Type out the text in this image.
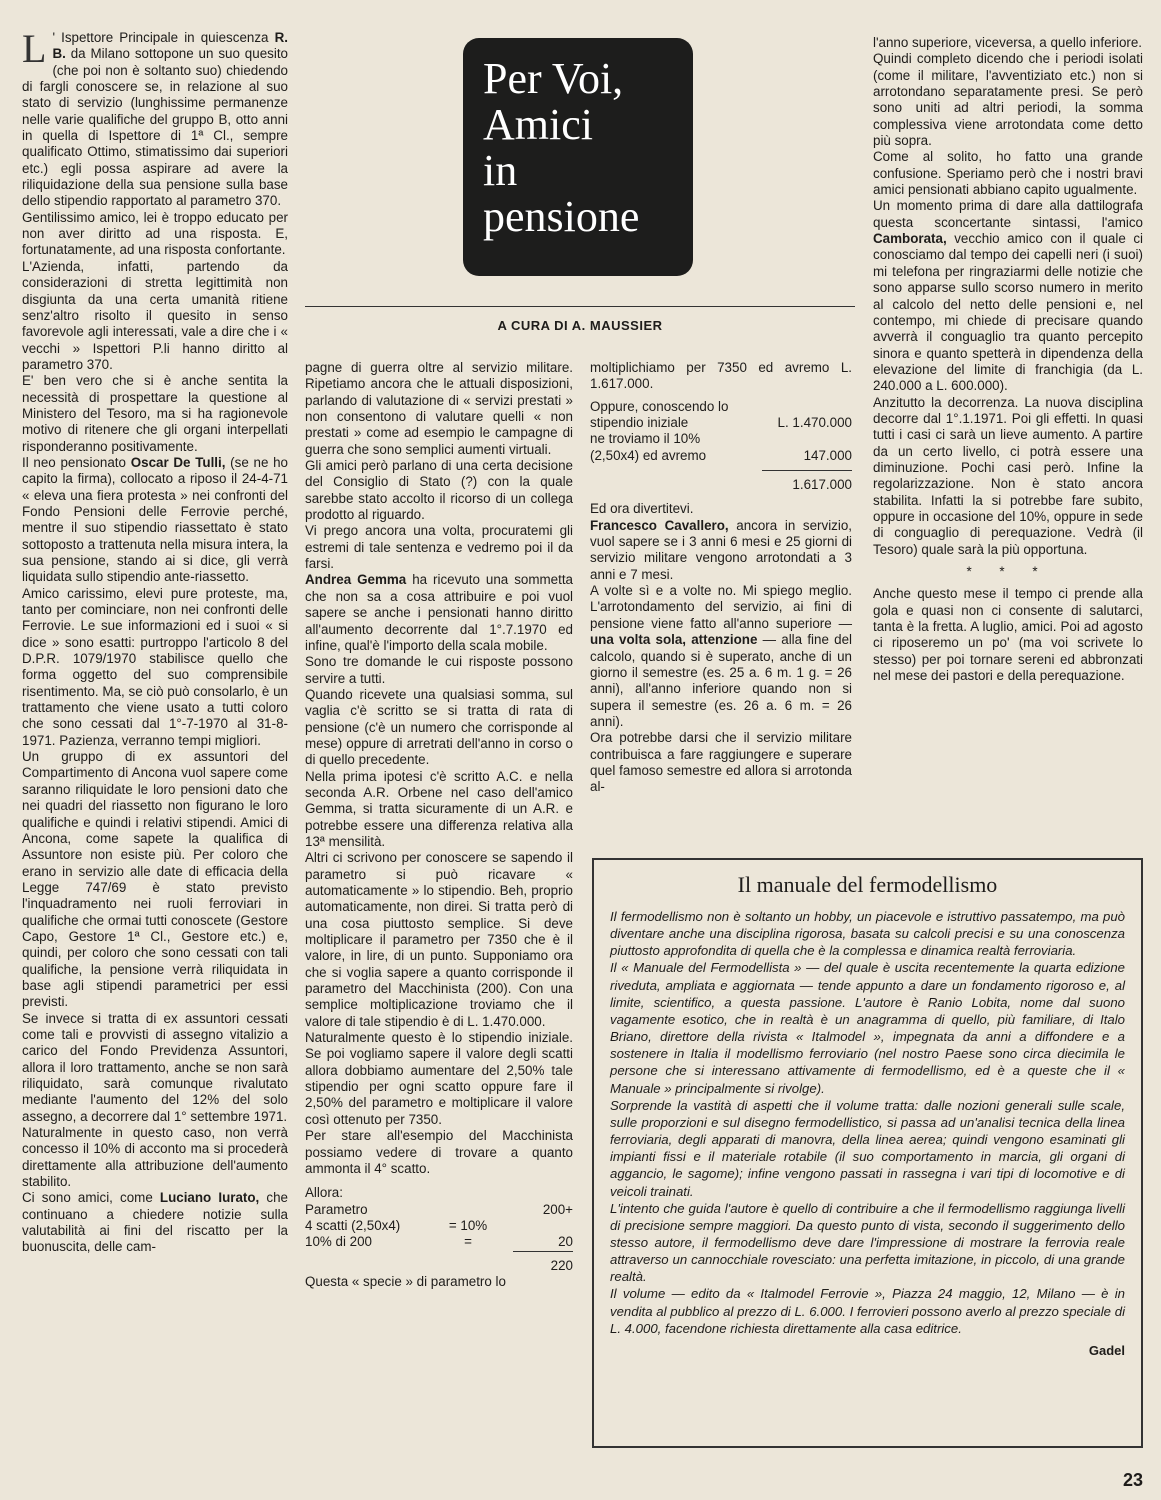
Per Voi,
Amici
in
pensione
A CURA DI A. MAUSSIER

L ' Ispettore Principale in quiescenza R. B. da Milano sottopone un suo quesito (che poi non è soltanto suo) chiedendo di fargli conoscere se, in relazione al suo stato di servizio (lunghissime permanenze nelle varie qualifiche del gruppo B, otto anni in quella di Ispettore di 1ª Cl., sempre qualificato Ottimo, stimatissimo dai superiori etc.) egli possa aspirare ad avere la riliquidazione della sua pensione sulla base dello stipendio rapportato al parametro 370.

Gentilissimo amico, lei è troppo educato per non aver diritto ad una risposta. E, fortunatamente, ad una risposta confortante.

L'Azienda, infatti, partendo da considerazioni di stretta legittimità non disgiunta da una certa umanità ritiene senz'altro risolto il quesito in senso favorevole agli interessati, vale a dire che i « vecchi » Ispettori P.li hanno diritto al parametro 370.

E' ben vero che si è anche sentita la necessità di prospettare la questione al Ministero del Tesoro, ma si ha ragionevole motivo di ritenere che gli organi interpellati risponderanno positivamente.

Il neo pensionato Oscar De Tulli, (se ne ho capito la firma), collocato a riposo il 24-4-71 « eleva una fiera protesta » nei confronti del Fondo Pensioni delle Ferrovie perché, mentre il suo stipendio riassettato è stato sottoposto a trattenuta nella misura intera, la sua pensione, stando ai si dice, gli verrà liquidata sullo stipendio ante-riassetto.

Amico carissimo, elevi pure proteste, ma, tanto per cominciare, non nei confronti delle Ferrovie. Le sue informazioni ed i suoi « si dice » sono esatti: purtroppo l'articolo 8 del D.P.R. 1079/1970 stabilisce quello che forma oggetto del suo comprensibile risentimento. Ma, se ciò può consolarlo, è un trattamento che viene usato a tutti coloro che sono cessati dal 1°-7-1970 al 31-8-1971. Pazienza, verranno tempi migliori.

Un gruppo di ex assuntori del Compartimento di Ancona vuol sapere come saranno riliquidate le loro pensioni dato che nei quadri del riassetto non figurano le loro qualifiche e quindi i relativi stipendi. Amici di Ancona, come sapete la qualifica di Assuntore non esiste più. Per coloro che erano in servizio alle date di efficacia della Legge 747/69 è stato previsto l'inquadramento nei ruoli ferroviari in qualifiche che ormai tutti conoscete (Gestore Capo, Gestore 1ª Cl., Gestore etc.) e, quindi, per coloro che sono cessati con tali qualifiche, la pensione verrà riliquidata in base agli stipendi parametrici per essi previsti.

Se invece si tratta di ex assuntori cessati come tali e provvisti di assegno vitalizio a carico del Fondo Previdenza Assuntori, allora il loro trattamento, anche se non sarà riliquidato, sarà comunque rivalutato mediante l'aumento del 12% del solo assegno, a decorrere dal 1° settembre 1971.

Naturalmente in questo caso, non verrà concesso il 10% di acconto ma si procederà direttamente alla attribuzione dell'aumento stabilito.

Ci sono amici, come Luciano Iurato, che continuano a chiedere notizie sulla valutabilità ai fini del riscatto per la buonuscita, delle cam-

pagne di guerra oltre al servizio militare. Ripetiamo ancora che le attuali disposizioni, parlando di valutazione di « servizi prestati » non consentono di valutare quelli « non prestati » come ad esempio le campagne di guerra che sono semplici aumenti virtuali.

Gli amici però parlano di una certa decisione del Consiglio di Stato (?) con la quale sarebbe stato accolto il ricorso di un collega prodotto al riguardo.

Vi prego ancora una volta, procuratemi gli estremi di tale sentenza e vedremo poi il da farsi.

Andrea Gemma ha ricevuto una sommetta che non sa a cosa attribuire e poi vuol sapere se anche i pensionati hanno diritto all'aumento decorrente dal 1°.7.1970 ed infine, qual'è l'importo della scala mobile.

Sono tre domande le cui risposte possono servire a tutti.

Quando ricevete una qualsiasi somma, sul vaglia c'è scritto se si tratta di rata di pensione (c'è un numero che corrisponde al mese) oppure di arretrati dell'anno in corso o di quello precedente.

Nella prima ipotesi c'è scritto A.C. e nella seconda A.R. Orbene nel caso dell'amico Gemma, si tratta sicuramente di un A.R. e potrebbe essere una differenza relativa alla 13ª mensilità.

Altri ci scrivono per conoscere se sapendo il parametro si può ricavare « automaticamente » lo stipendio. Beh, proprio automaticamente, non direi. Si tratta però di una cosa piuttosto semplice. Si deve moltiplicare il parametro per 7350 che è il valore, in lire, di un punto. Supponiamo ora che si voglia sapere a quanto corrisponde il parametro del Macchinista (200). Con una semplice moltiplicazione troviamo che il valore di tale stipendio è di L. 1.470.000.

Naturalmente questo è lo stipendio iniziale. Se poi vogliamo sapere il valore degli scatti allora dobbiamo aumentare del 2,50% tale stipendio per ogni scatto oppure fare il 2,50% del parametro e moltiplicare il valore così ottenuto per 7350.

Per stare all'esempio del Macchinista possiamo vedere di trovare a quanto ammonta il 4° scatto.

Allora:

Parametro	200+
4 scatti (2,50x4)	= 10%
10% di 200	=	20
220

Questa « specie » di parametro lo

moltiplichiamo per 7350 ed avremo L. 1.617.000.

Oppure, conoscendo lo

stipendio iniziale	L. 1.470.000
ne troviamo il 10%
(2,50x4) ed avremo	147.000
1.617.000

Ed ora divertitevi.

Francesco Cavallero, ancora in servizio, vuol sapere se i 3 anni 6 mesi e 25 giorni di servizio militare vengono arrotondati a 3 anni e 7 mesi.

A volte sì e a volte no. Mi spiego meglio. L'arrotondamento del servizio, ai fini di pensione viene fatto all'anno superiore — una volta sola, attenzione — alla fine del calcolo, quando si è superato, anche di un giorno il semestre (es. 25 a. 6 m. 1 g. = 26 anni), all'anno inferiore quando non si supera il semestre (es. 26 a. 6 m. = 26 anni).

Ora potrebbe darsi che il servizio militare contribuisca a fare raggiungere e superare quel famoso semestre ed allora si arrotonda al-

l'anno superiore, viceversa, a quello inferiore.

Quindi completo dicendo che i periodi isolati (come il militare, l'avventiziato etc.) non si arrotondano separatamente presi. Se però sono uniti ad altri periodi, la somma complessiva viene arrotondata come detto più sopra.

Come al solito, ho fatto una grande confusione. Speriamo però che i nostri bravi amici pensionati abbiano capito ugualmente.

Un momento prima di dare alla dattilografa questa sconcertante sintassi, l'amico Camborata, vecchio amico con il quale ci conosciamo dal tempo dei capelli neri (i suoi) mi telefona per ringraziarmi delle notizie che sono apparse sullo scorso numero in merito al calcolo del netto delle pensioni e, nel contempo, mi chiede di precisare quando avverrà il conguaglio tra quanto percepito sinora e quanto spetterà in dipendenza della elevazione del limite di franchigia (da L. 240.000 a L. 600.000).

Anzitutto la decorrenza. La nuova disciplina decorre dal 1°.1.1971. Poi gli effetti. In quasi tutti i casi ci sarà un lieve aumento. A partire da un certo livello, ci potrà essere una diminuzione. Pochi casi però. Infine la regolarizzazione. Non è stato ancora stabilita. Infatti la si potrebbe fare subito, oppure in occasione del 10%, oppure in sede di conguaglio di perequazione. Vedrà (il Tesoro) quale sarà la più opportuna.

* * *

Anche questo mese il tempo ci prende alla gola e quasi non ci consente di salutarci, tanta è la fretta. A luglio, amici. Poi ad agosto ci riposeremo un po' (ma voi scrivete lo stesso) per poi tornare sereni ed abbronzati nel mese dei pastori e della perequazione.

Il manuale del fermodellismo

Il fermodellismo non è soltanto un hobby, un piacevole e istruttivo passatempo, ma può diventare anche una disciplina rigorosa, basata su calcoli precisi e su una conoscenza piuttosto approfondita di quella che è la complessa e dinamica realtà ferroviaria.

Il « Manuale del Fermodellista » — del quale è uscita recentemente la quarta edizione riveduta, ampliata e aggiornata — tende appunto a dare un fondamento rigoroso e, al limite, scientifico, a questa passione. L'autore è Ranio Lobita, nome dal suono vagamente esotico, che in realtà è un anagramma di quello, più familiare, di Italo Briano, direttore della rivista « Italmodel », impegnata da anni a diffondere e a sostenere in Italia il modellismo ferroviario (nel nostro Paese sono circa diecimila le persone che si interessano attivamente di fermodellismo, ed è a queste che il « Manuale » principalmente si rivolge).

Sorprende la vastità di aspetti che il volume tratta: dalle nozioni generali sulle scale, sulle proporzioni e sul disegno fermodellistico, si passa ad un'analisi tecnica della linea ferroviaria, degli apparati di manovra, della linea aerea; quindi vengono esaminati gli impianti fissi e il materiale rotabile (il suo comportamento in marcia, gli organi di aggancio, le sagome); infine vengono passati in rassegna i vari tipi di locomotive e di veicoli trainati.

L'intento che guida l'autore è quello di contribuire a che il fermodellismo raggiunga livelli di precisione sempre maggiori. Da questo punto di vista, secondo il suggerimento dello stesso autore, il fermodellismo deve dare l'impressione di mostrare la ferrovia reale attraverso un cannocchiale rovesciato: una perfetta imitazione, in piccolo, di una grande realtà.

Il volume — edito da « Italmodel Ferrovie », Piazza 24 maggio, 12, Milano — è in vendita al pubblico al prezzo di L. 6.000. I ferrovieri possono averlo al prezzo speciale di L. 4.000, facendone richiesta direttamente alla casa editrice.

Gadel
23
